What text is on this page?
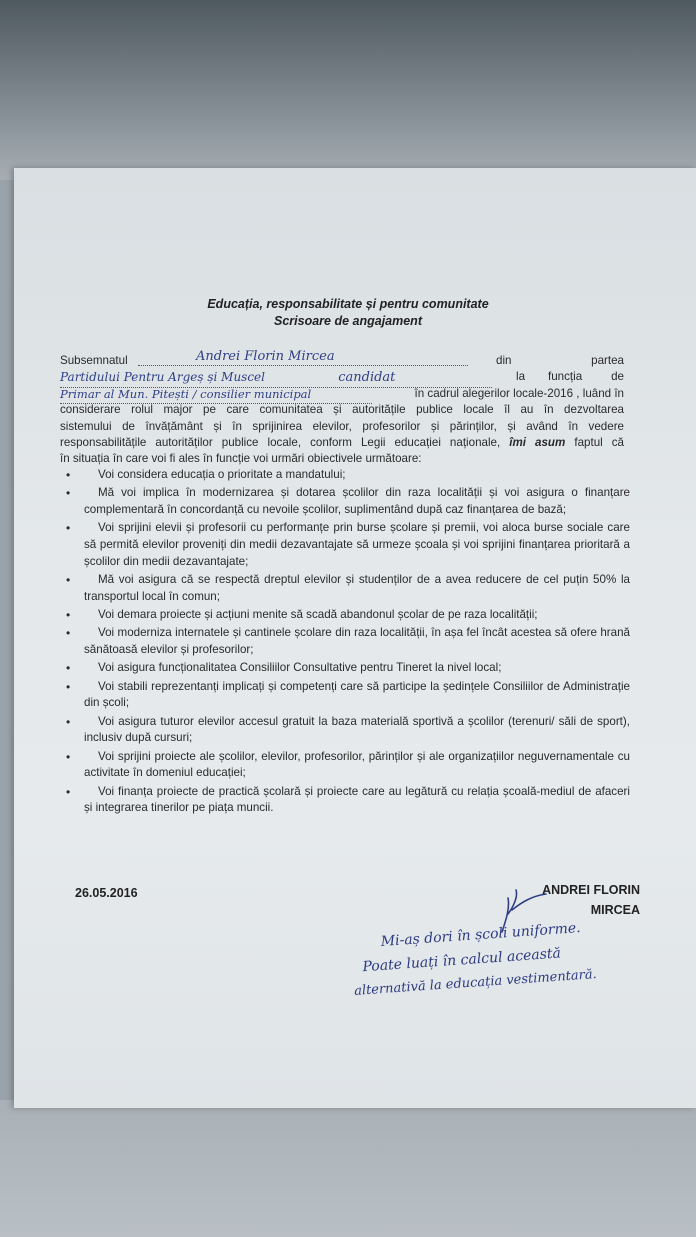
Educația, responsabilitate și pentru comunitate
Scrisoare de angajament
Subsemnatul	Andrei Florin Mircea	din	partea
Partidului Pentru Argeș și Muscel	candidat	la funcția de
Primar al Mun. Pitești / consilier municipal	în cadrul alegerilor locale-2016 , luând în
considerare rolul major pe care comunitatea și autoritățile publice locale îl au în dezvoltarea
sistemului de învățământ și în sprijinirea elevilor, profesorilor și părinților, și având în vedere
responsabilitățile autorităților publice locale, conform Legii educației naționale, îmi asum faptul că
în situația în care voi fi ales în funcție voi urmări obiectivele următoare:
•	Voi considera educația o prioritate a mandatului;
•	Mă voi implica în modernizarea și dotarea școlilor din raza localității și voi asigura o finanțare complementară în concordanță cu nevoile școlilor, suplimentând după caz finanțarea de bază;
•	Voi sprijini elevii și profesorii cu performanțe prin burse școlare și premii, voi aloca burse sociale care să permită elevilor proveniți din medii dezavantajate să urmeze școala și voi sprijini finanțarea prioritară a școlilor din medii dezavantajate;
•	Mă voi asigura că se respectă dreptul elevilor și studenților de a avea reducere de cel puțin 50% la transportul local în comun;
•	Voi demara proiecte și acțiuni menite să scadă abandonul școlar de pe raza localității;
•	Voi moderniza internatele și cantinele școlare din raza localității, în așa fel încât acestea să ofere hrană sănătoasă elevilor și profesorilor;
•	Voi asigura funcționalitatea Consiliilor Consultative pentru Tineret la nivel local;
•	Voi stabili reprezentanți implicați și competenți care să participe la ședințele Consiliilor de Administrație din școli;
•	Voi asigura tuturor elevilor accesul gratuit la baza materială sportivă a școlilor (terenuri/ săli de sport), inclusiv după cursuri;
•	Voi sprijini proiecte ale școlilor, elevilor, profesorilor, părinților și ale organizațiilor neguvernamentale cu activitate în domeniul educației;
•	Voi finanța proiecte de practică școlară și proiecte care au legătură cu relația școală-mediul de afaceri și integrarea tinerilor pe piața muncii.
26.05.2016	ANDREI FLORIN
MIRCEA
Mi-aș dori în școli uniforme.
Poate luați în calcul această
alternativă la educația vestimentară.
